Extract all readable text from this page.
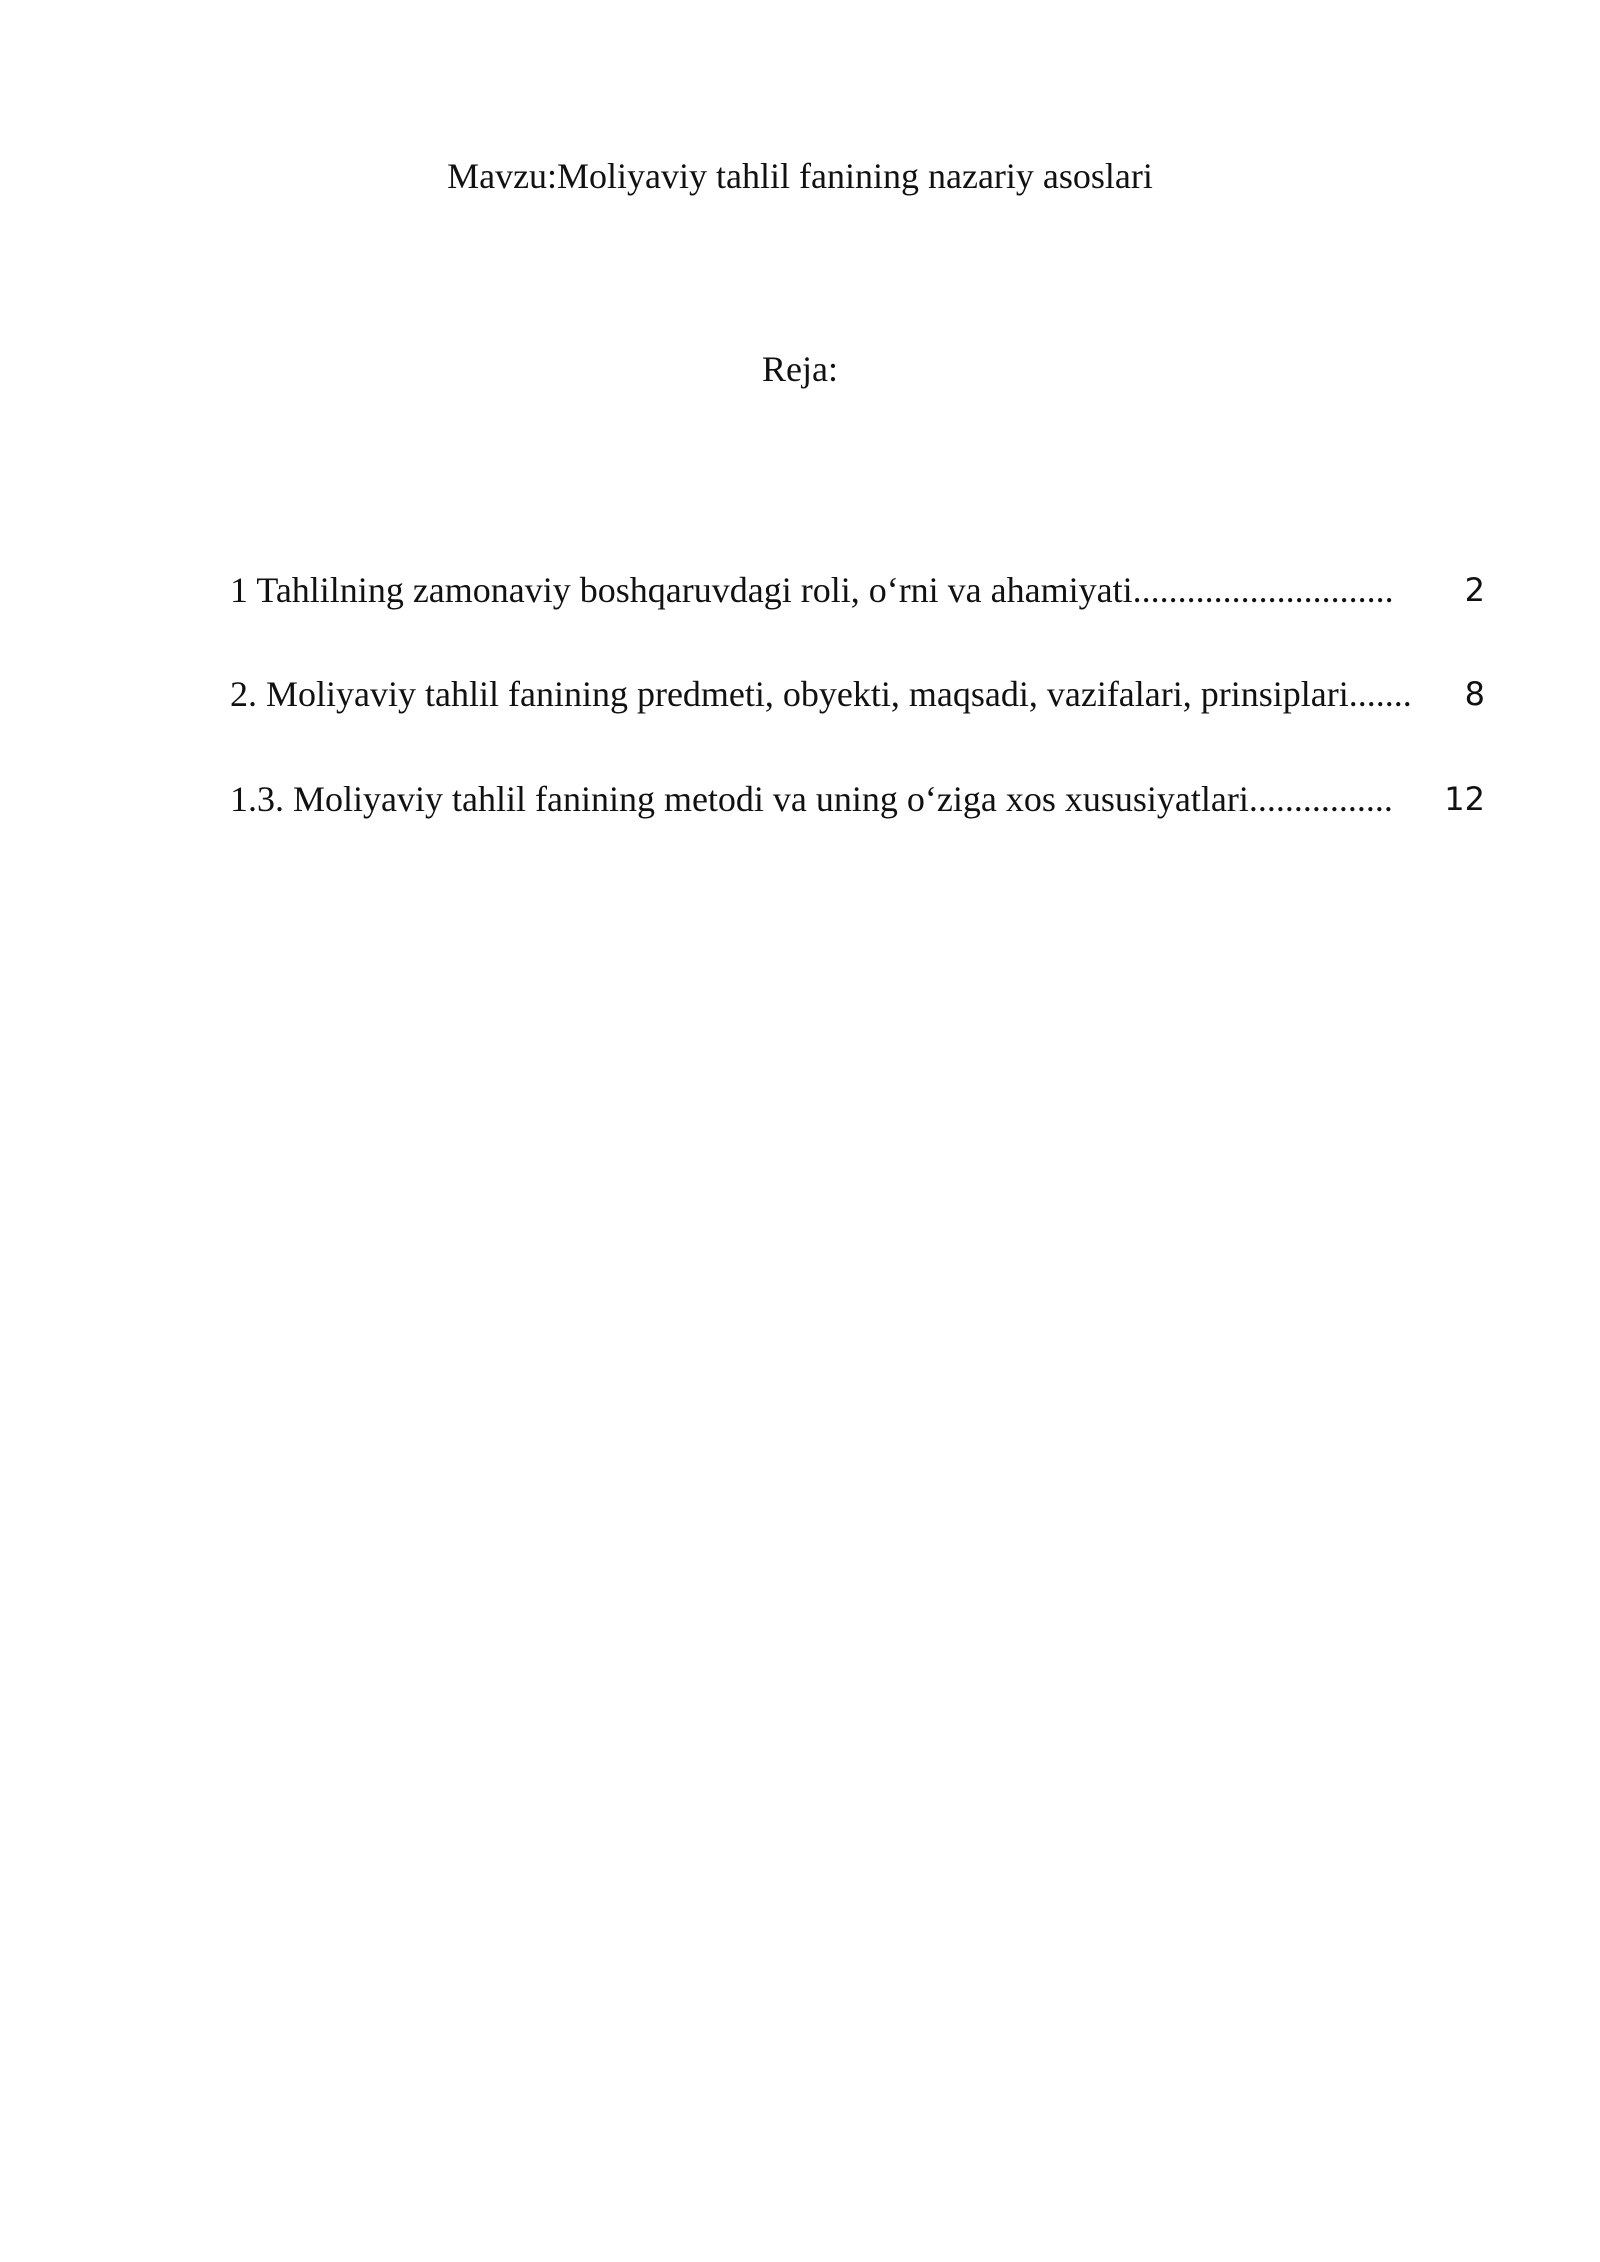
Mavzu:Moliyaviy tahlil fanining nazariy asoslari
Reja:
1 Tahlilning zamonaviy boshqaruvdagi roli, o‘rni va ahamiyati............................. 2
2. Moliyaviy tahlil fanining predmeti, obyekti, maqsadi, vazifalari, prinsiplari....... 8
1.3. Moliyaviy tahlil fanining metodi va uning o‘ziga xos xususiyatlari................ 12
